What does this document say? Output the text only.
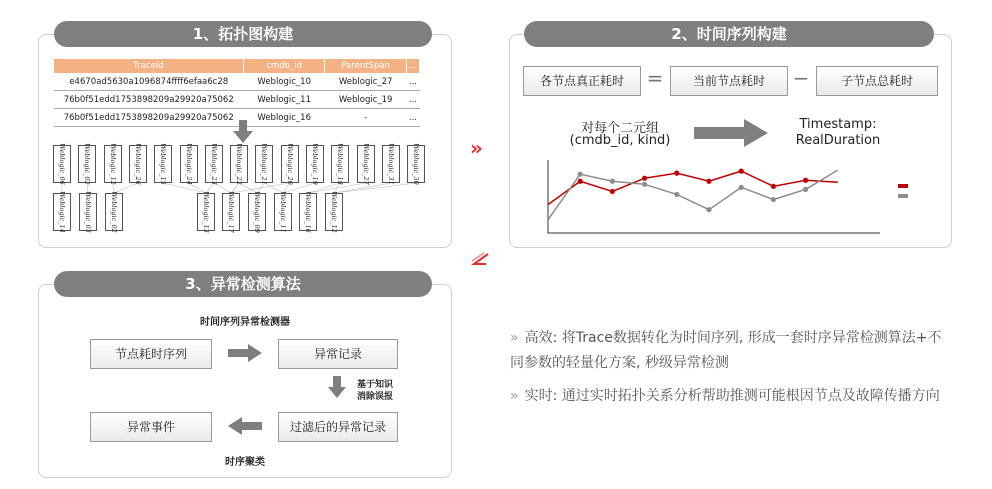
1、拓扑图构建
TraceId	cmdb_id	ParentSpan	...
e4670ad5630a1096874ffff6efaa6c28	Weblogic_10	Weblogic_27	...
76b0f51edd1753898209a29920a75062	Weblogic_11	Weblogic_19	...
76b0f51edd1753898209a29920a75062	Weblogic_16	-	...
Weblogic_06	Weblogic_02	Weblogic_12	Weblogic_26	Weblogic_15	Weblogic_24	Weblogic_23	Weblogic_22	Weblogic_21	Weblogic_20	Weblogic_19	Weblogic_18	Weblogic_27	Weblogic_31	Weblogic_30
Weblogic_14	Weblogic_03	Weblogic_02	Weblogic_13	Weblogic_17	Weblogic_09	Weblogic_11	Weblogic_16	Weblogic_12
»
2、时间序列构建
各节点真正耗时	=	当前节点耗时	−	子节点总耗时
对每个二元组
(cmdb_id, kind)
Timestamp:
RealDuration
3、异常检测算法
时间序列异常检测器
节点耗时序列	异常记录
基于知识
消除误报
异常事件	过滤后的异常记录
时序聚类
» 高效: 将Trace数据转化为时间序列, 形成一套时序异常检测算法+不同参数的轻量化方案, 秒级异常检测
» 实时: 通过实时拓扑关系分析帮助推测可能根因节点及故障传播方向
